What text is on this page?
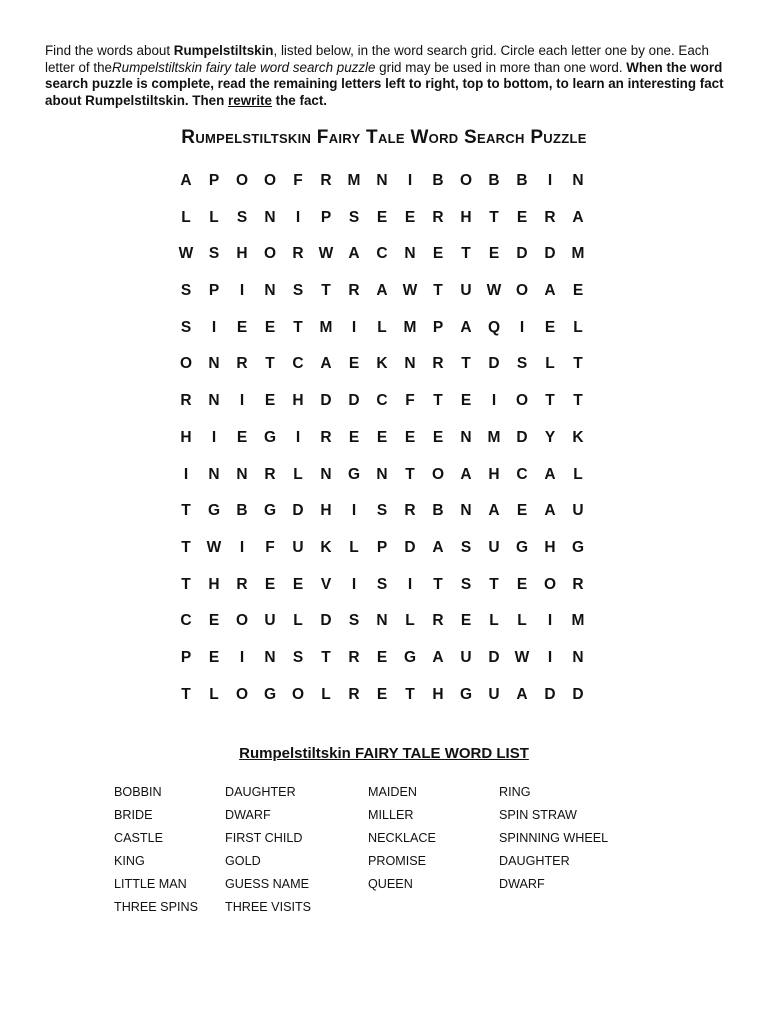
Find the words about Rumpelstiltskin, listed below, in the word search grid. Circle each letter one by one. Each letter of theRumpelstiltskin fairy tale word search puzzle grid may be used in more than one word. When the word search puzzle is complete, read the remaining letters left to right, top to bottom, to learn an interesting fact about Rumpelstiltskin. Then rewrite the fact.

Rumpelstiltskin Fairy Tale Word Search Puzzle
A	P	O	O	F	R	M	N	I	B	O	B	B	I	N
L	L	S	N	I	P	S	E	E	R	H	T	E	R	A
W	S	H	O	R W A	C	N	E	T	E	D	D	M
S	P	I	N	S	T	R	A W	T	U W O	A	E
S	I	E	E	T	M	I	L	M	P	A	Q	I	E	L
O	N	R	T	C	A	E	K	N	R	T	D	S	L	T
R	N	I	E	H	D	D	C	F	T	E	I	O	T	T
H	I	E	G	I	R	E	E	E	E	N	M	D	Y	K
I	N	N	R	L	N	G	N	T	O	A	H	C	A	L
T	G	B	G	D	H	I	S	R	B	N	A	E	A	U
T	W	I	F	U	K	L	P	D	A	S	U	G	H	G
T	H	R	E	E	V	I	S	I	T	S	T	E	O	R
C	E	O	U	L	D	S	N	L	R	E	L	L	I	M
P	E	I	N	S	T	R	E	G	A	U	D W	I	N
T	L	O	G	O	L	R	E	T	H	G	U	A	D	D
Rumpelstiltskin FAIRY TALE WORD LIST
BOBBIN
BRIDE
CASTLE
KING
LITTLE MAN
THREE SPINS
DAUGHTER
DWARF
FIRST CHILD
GOLD
GUESS NAME
THREE VISITS
MAIDEN
MILLER
NECKLACE
PROMISE
QUEEN
RING
SPIN STRAW
SPINNING WHEEL
DAUGHTER
DWARF
